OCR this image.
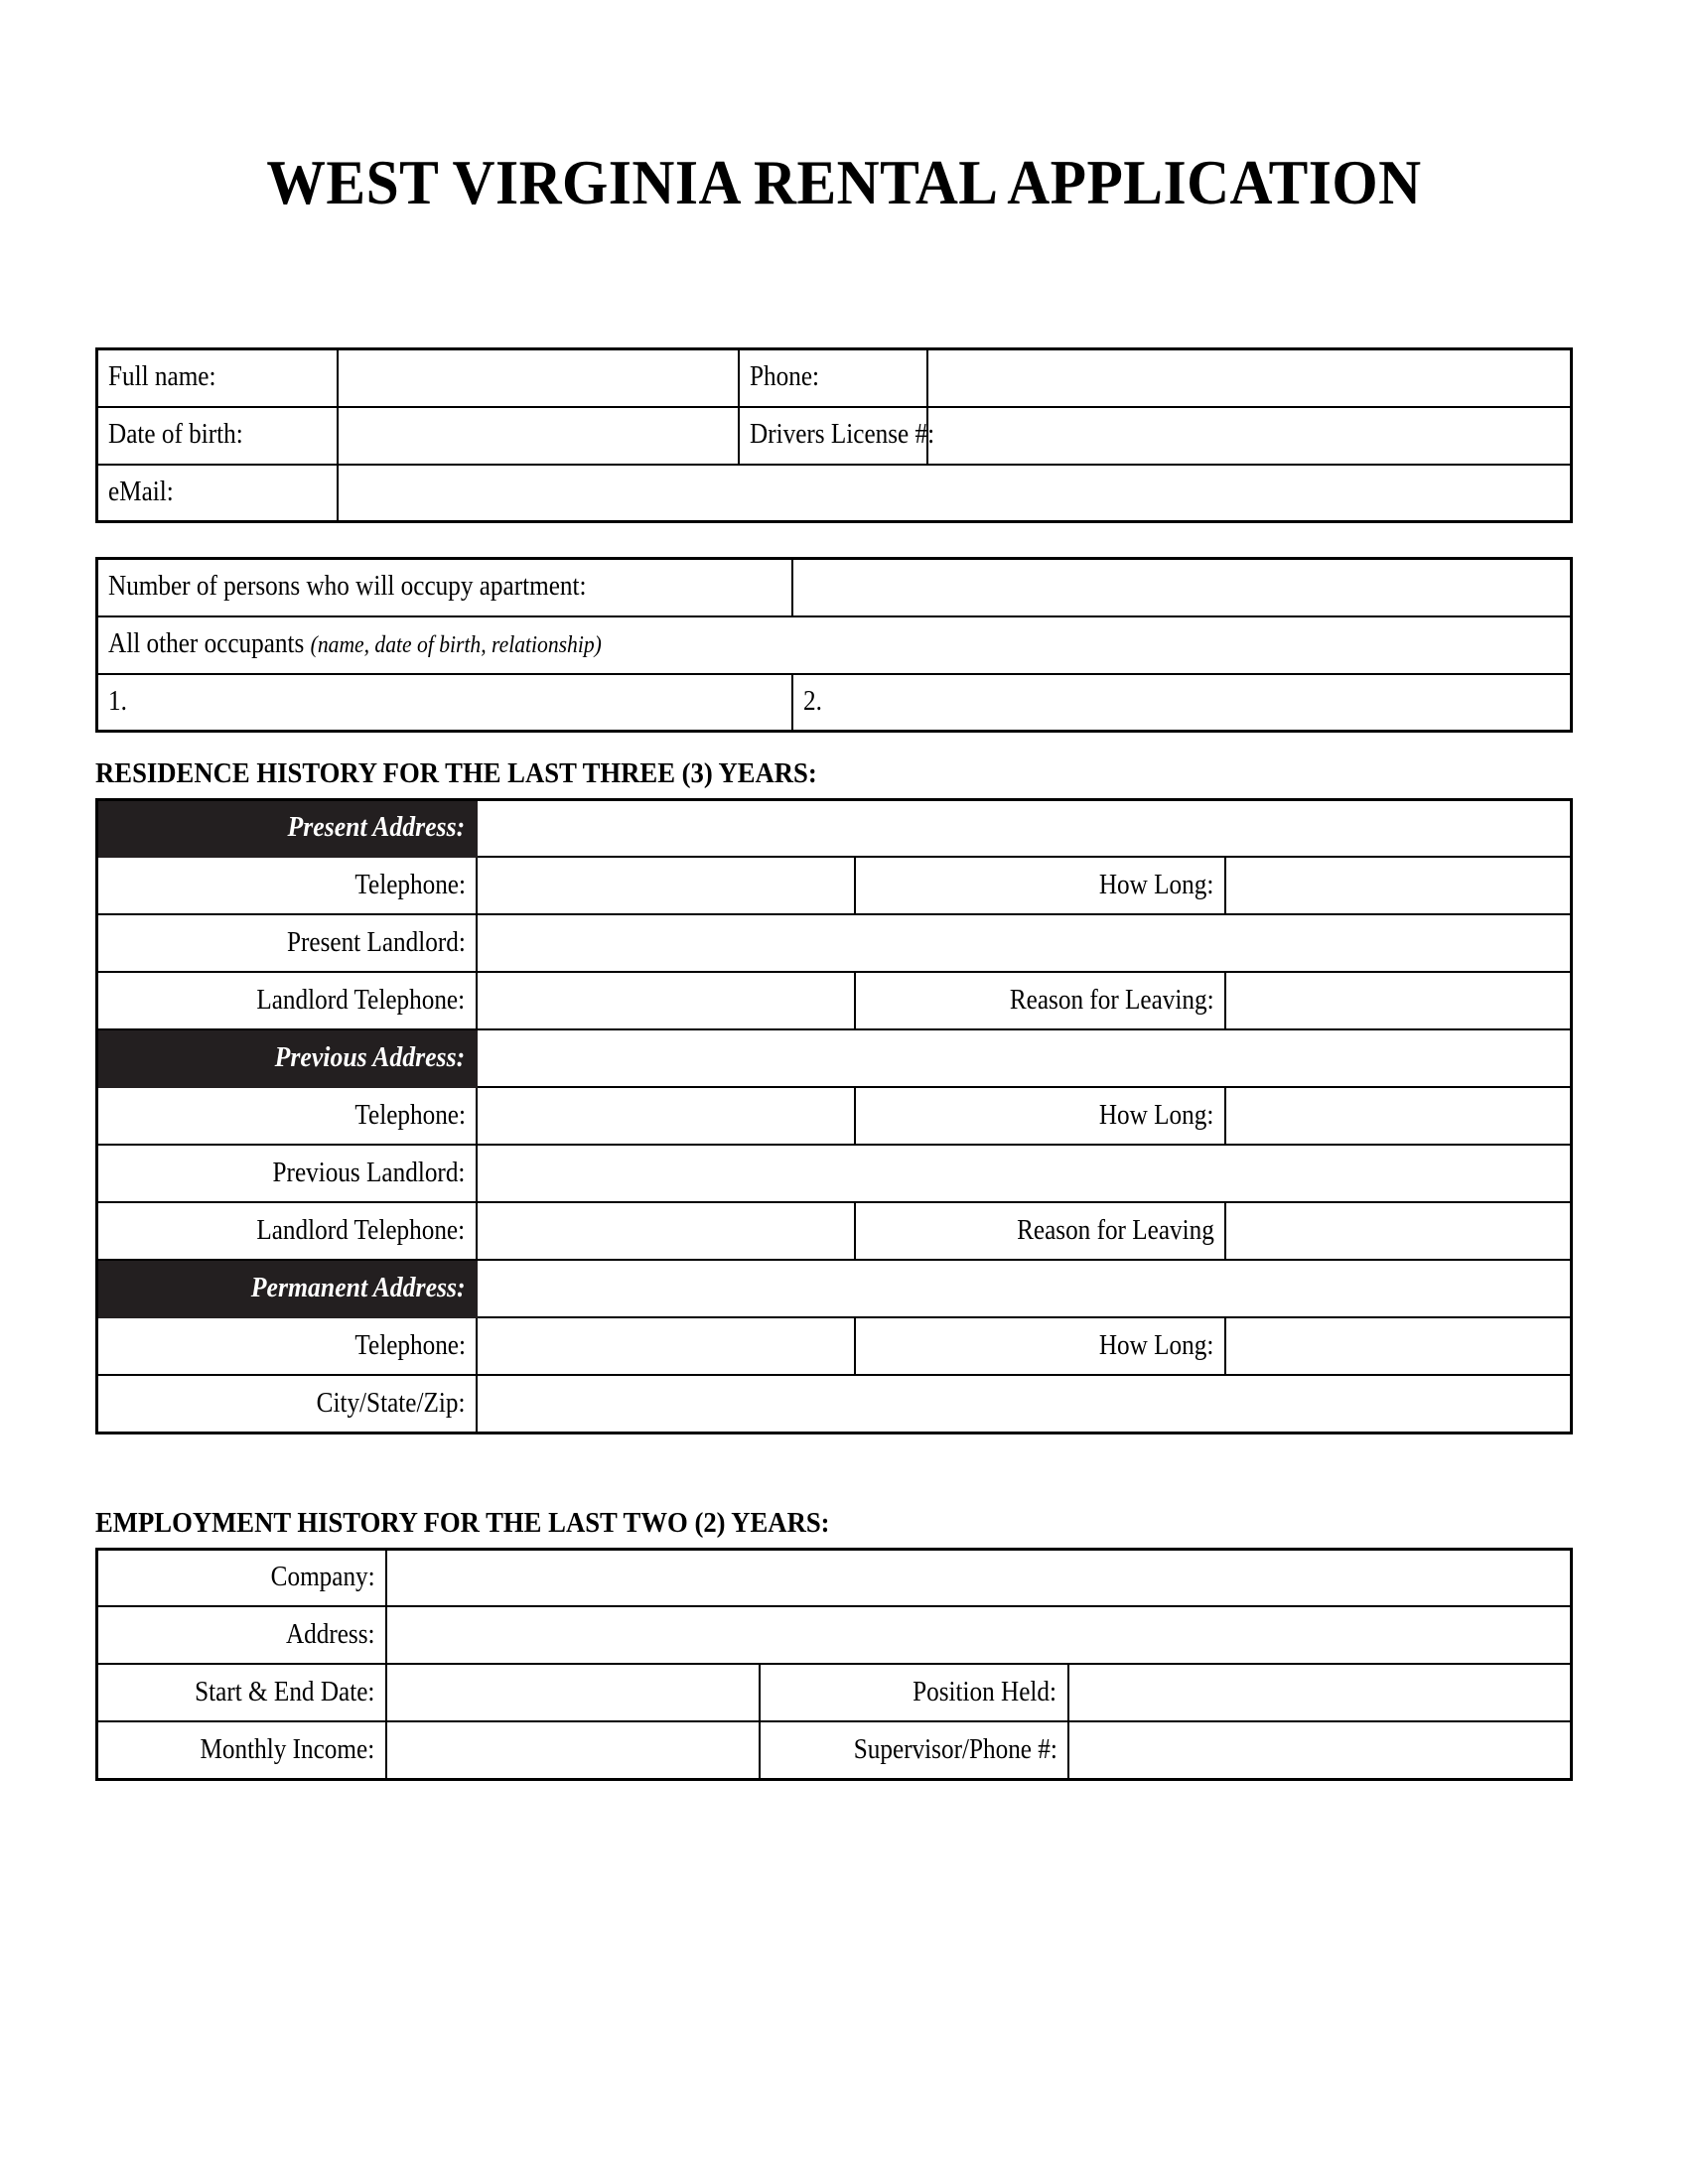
WEST VIRGINIA RENTAL APPLICATION
Full name:		Phone:	
Date of birth:		Drivers License #:	
eMail:			
Number of persons who will occupy apartment:	
All other occupants (name, date of birth, relationship)	
1.	2.
RESIDENCE HISTORY FOR THE LAST THREE (3) YEARS:
Present Address:			
Telephone:		How Long:	
Present Landlord:			
Landlord Telephone:		Reason for Leaving:	
Previous Address:			
Telephone:		How Long:	
Previous Landlord:			
Landlord Telephone:		Reason for Leaving	
Permanent Address:			
Telephone:		How Long:	
City/State/Zip:			
EMPLOYMENT HISTORY FOR THE LAST TWO (2) YEARS:
Company:			
Address:			
Start & End Date:		Position Held:	
Monthly Income:		Supervisor/Phone #:	
